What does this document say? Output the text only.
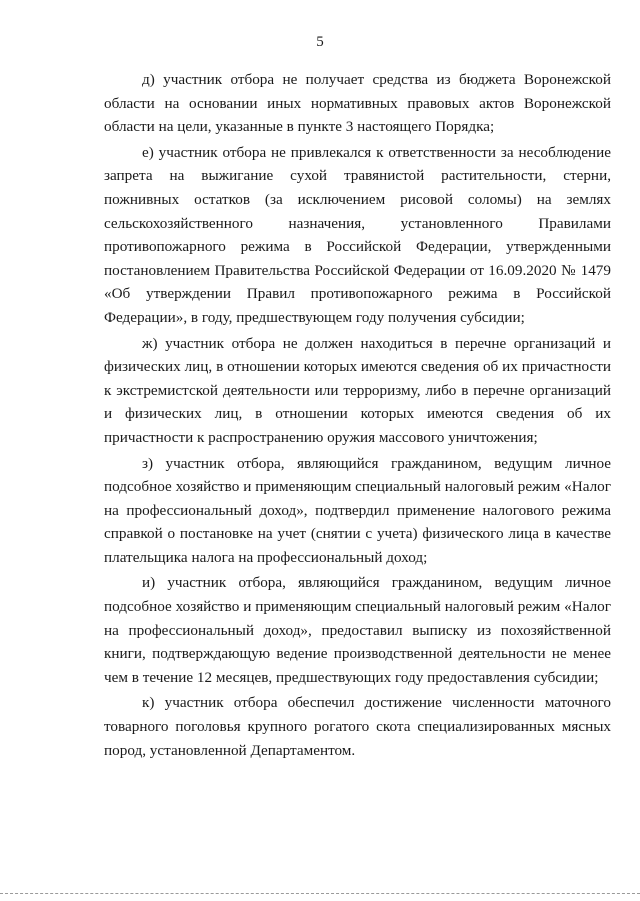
5

д) участник отбора не получает средства из бюджета Воронежской области на основании иных нормативных правовых актов Воронежской области на цели, указанные в пункте 3 настоящего Порядка;

е) участник отбора не привлекался к ответственности за несоблюдение запрета на выжигание сухой травянистой растительности, стерни, пожнивных остатков (за исключением рисовой соломы) на землях сельскохозяйственного назначения, установленного Правилами противопожарного режима в Российской Федерации, утвержденными постановлением Правительства Российской Федерации от 16.09.2020 № 1479 «Об утверждении Правил противопожарного режима в Российской Федерации», в году, предшествующем году получения субсидии;

ж) участник отбора не должен находиться в перечне организаций и физических лиц, в отношении которых имеются сведения об их причастности к экстремистской деятельности или терроризму, либо в перечне организаций и физических лиц, в отношении которых имеются сведения об их причастности к распространению оружия массового уничтожения;

з) участник отбора, являющийся гражданином, ведущим личное подсобное хозяйство и применяющим специальный налоговый режим «Налог на профессиональный доход», подтвердил применение налогового режима справкой о постановке на учет (снятии с учета) физического лица в качестве плательщика налога на профессиональный доход;

и) участник отбора, являющийся гражданином, ведущим личное подсобное хозяйство и применяющим специальный налоговый режим «Налог на профессиональный доход», предоставил выписку из похозяйственной книги, подтверждающую ведение производственной деятельности не менее чем в течение 12 месяцев, предшествующих году предоставления субсидии;

к) участник отбора обеспечил достижение численности маточного товарного поголовья крупного рогатого скота специализированных мясных пород, установленной Департаментом.
